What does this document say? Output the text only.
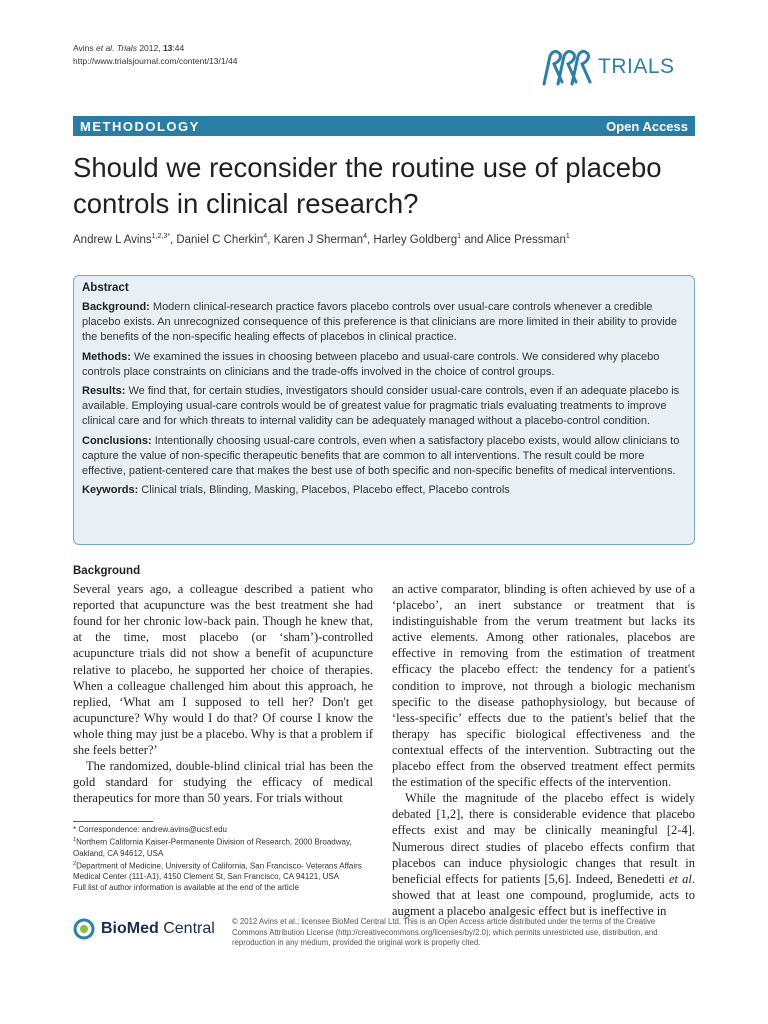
Avins et al. Trials 2012, 13:44
http://www.trialsjournal.com/content/13/1/44	TRIALS
METHODOLOGY	Open Access
Should we reconsider the routine use of placebo controls in clinical research?
Andrew L Avins$^{1,2,3*}$, Daniel C Cherkin$^4$, Karen J Sherman$^4$, Harley Goldberg$^1$ and Alice Pressman$^1$
Abstract

Background: Modern clinical-research practice favors placebo controls over usual-care controls whenever a credible placebo exists. An unrecognized consequence of this preference is that clinicians are more limited in their ability to provide the benefits of the non-specific healing effects of placebos in clinical practice.

Methods: We examined the issues in choosing between placebo and usual-care controls. We considered why placebo controls place constraints on clinicians and the trade-offs involved in the choice of control groups.

Results: We find that, for certain studies, investigators should consider usual-care controls, even if an adequate placebo is available. Employing usual-care controls would be of greatest value for pragmatic trials evaluating treatments to improve clinical care and for which threats to internal validity can be adequately managed without a placebo-control condition.

Conclusions: Intentionally choosing usual-care controls, even when a satisfactory placebo exists, would allow clinicians to capture the value of non-specific therapeutic benefits that are common to all interventions. The result could be more effective, patient-centered care that makes the best use of both specific and non-specific benefits of medical interventions.

Keywords: Clinical trials, Blinding, Masking, Placebos, Placebo effect, Placebo controls

Background

Several years ago, a colleague described a patient who reported that acupuncture was the best treatment she had found for her chronic low-back pain. Though he knew that, at the time, most placebo (or ‘sham’)-controlled acupuncture trials did not show a benefit of acupuncture relative to placebo, he supported her choice of therapies. When a colleague challenged him about this approach, he replied, ‘What am I supposed to tell her? Don't get acupuncture? Why would I do that? Of course I know the whole thing may just be a placebo. Why is that a problem if she feels better?’

The randomized, double-blind clinical trial has been the gold standard for studying the efficacy of medical therapeutics for more than 50 years. For trials without

an active comparator, blinding is often achieved by use of a ‘placebo’, an inert substance or treatment that is indistinguishable from the verum treatment but lacks its active elements. Among other rationales, placebos are effective in removing from the estimation of treatment efficacy the placebo effect: the tendency for a patient's condition to improve, not through a biologic mechanism specific to the disease pathophysiology, but because of ‘less-specific’ effects due to the patient's belief that the therapy has specific biological effectiveness and the contextual effects of the intervention. Subtracting out the placebo effect from the observed treatment effect permits the estimation of the specific effects of the intervention.

While the magnitude of the placebo effect is widely debated [1,2], there is considerable evidence that placebo effects exist and may be clinically meaningful [2-4]. Numerous direct studies of placebo effects confirm that placebos can induce physiologic changes that result in beneficial effects for patients [5,6]. Indeed, Benedetti et al. showed that at least one compound, proglumide, acts to augment a placebo analgesic effect but is ineffective in

* Correspondence: andrew.avins@ucsf.edu
$^1$Northern California Kaiser-Permanente Division of Research, 2000 Broadway, Oakland, CA 94612, USA
$^2$Department of Medicine, University of California, San Francisco- Veterans Affairs Medical Center (111-A1), 4150 Clement St, San Francisco, CA 94121, USA
Full list of author information is available at the end of the article
BioMed Central © 2012 Avins et al.; licensee BioMed Central Ltd. This is an Open Access article distributed under the terms of the Creative Commons Attribution License (http://creativecommons.org/licenses/by/2.0), which permits unrestricted use, distribution, and reproduction in any medium, provided the original work is properly cited.
